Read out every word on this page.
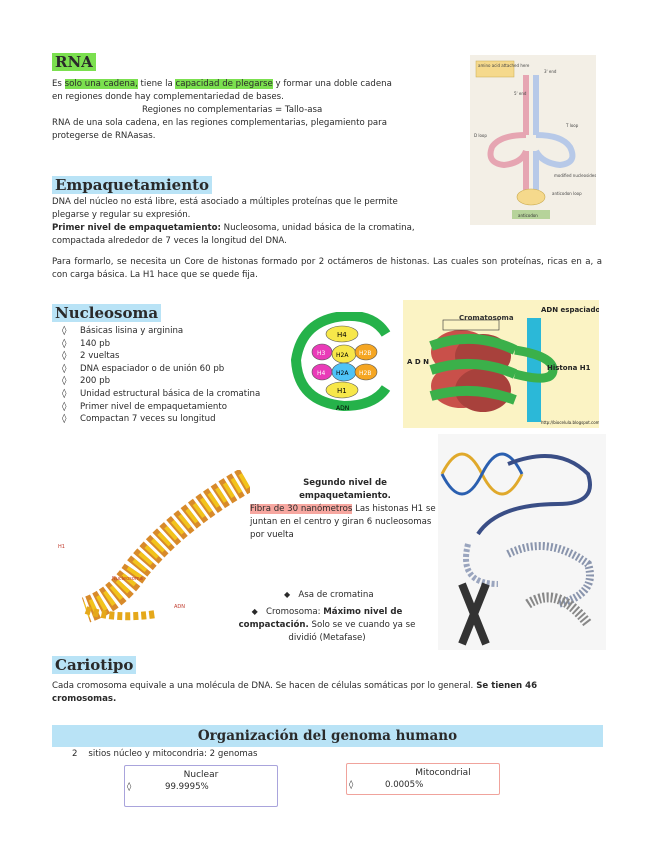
RNA
Es solo una cadena, tiene la capacidad de plegarse y formar una doble cadena
en regiones donde hay complementariedad de bases.
Regiones no complementarias = Tallo-asa
RNA de una sola cadena, en las regiones complementarias, plegamiento para
protegerse de RNAasas.
amino acid attached here
3' end
5' end
D loop
T loop
modified nucleosides
anticodon loop
anticodon
Empaquetamiento
DNA del núcleo no está libre, está asociado a múltiples proteínas que le permite
plegarse y regular su expresión.
Primer nivel de empaquetamiento: Nucleosoma, unidad básica de la cromatina,
compactada alrededor de 7 veces la longitud del DNA.
Para formarlo, se necesita un Core de histonas formado por 2 octámeros de histonas. Las cuales son proteínas, ricas en a, a con carga básica. La H1 hace que se quede fija.
Nucleosoma
◊ Básicas lisina y arginina
◊ 140 pb
◊ 2 vueltas
◊ DNA espaciador o de unión 60 pb
◊ 200 pb
◊ Unidad estructural básica de la cromatina
◊ Primer nivel de empaquetamiento
◊ Compactan 7 veces su longitud
H4
H3 H2A H2B
H4 H2A H2B
H1
ADN
Cromatosoma
ADN espaciador
A D N
Histona H1
http://biocelula.blogspot.com
Segundo nivel de empaquetamiento.
Fibra de 30 nanómetros Las histonas H1 se juntan en el centro y giran 6 nucleosomas por vuelta
H1
Nucleosoma
ADN
◆ Asa de cromatina
◆ Cromosoma: Máximo nivel de compactación. Solo se ve cuando ya se dividió (Metafase)
Cariotipo
Cada cromosoma equivale a una molécula de DNA. Se hacen de células somáticas por lo general. Se tienen 46 cromosomas.
Organización del genoma humano
2 sitios núcleo y mitocondria: 2 genomas
Nuclear
◊ 99.9995%
Mitocondrial
◊ 0.0005%
